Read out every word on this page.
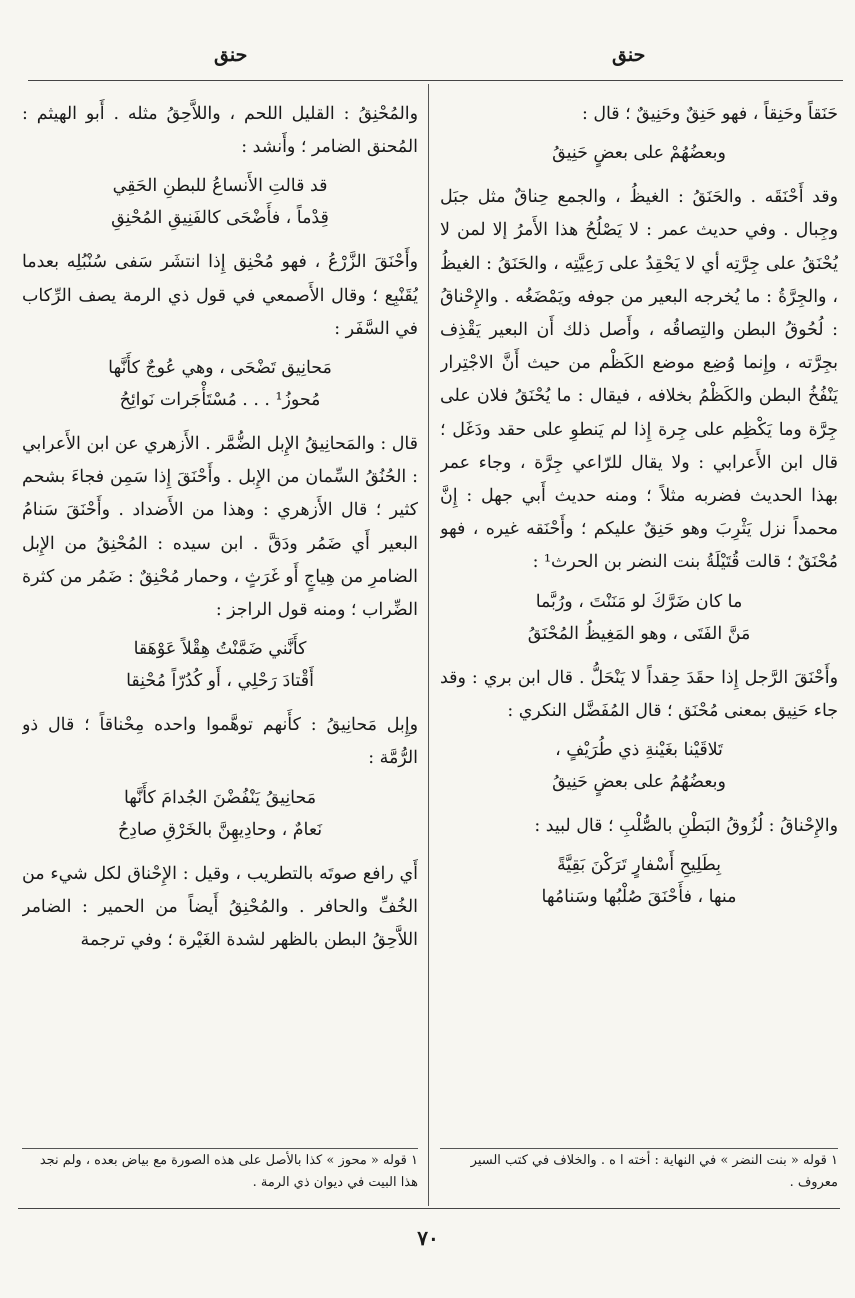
حنق
حنق

حَنَقاً وحَنِقاً ، فهو حَنِقٌ وحَنِيقٌ ؛ قال :

وبعضُهُمْ على بعضٍ حَنِيقُ

وقد أَحْنَقَه . والحَنَقُ : الغيظُ ، والجمع حِناقٌ مثل جبَل وجِبال . وفي حديث عمر : لا يَصْلُحُ هذا الأَمرُ إلا لمن لا يُحْنَقُ على جِرَّتِه أي لا يَحْقِدُ على رَعِيَّتِه ، والحَنَقُ : الغيظُ ، والجِرَّةُ : ما يُخرجه البعير من جوفه ويَمْضَغُه . والإِحْناقُ : لُحُوقُ البطن والتِصاقُه ، وأَصل ذلك أَن البعير يَقْذِف بجِرَّته ، وإِنما وُضِع موضع الكَظْم من حيث أَنَّ الاجْتِرار يَنْفُخُ البطن والكَظْمُ بخلافه ، فيقال : ما يُحْنَقُ فلان على جِرَّة وما يَكْظِم على جِرة إِذا لم يَنطوِ على حقد ودَغَل ؛ قال ابن الأَعرابي : ولا يقال للرّاعي جِرَّة ، وجاء عمر بهذا الحديث فضربه مثلاً ؛ ومنه حديث أَبي جهل : إِنَّ محمداً نزل يَثْرِبَ وهو حَنِقٌ عليكم ؛ وأَحْنَقه غيره ، فهو مُحْنَقٌ ؛ قالت قُتَيْلَةُ بنت النضر بن الحرث¹ :

ما كان ضَرَّكَ لو مَنَنْتَ ، ورُبَّما
مَنَّ الفَتَى ، وهو المَغِيظُ المُحْنَقُ

وأَحْنَقَ الرَّجل إِذا حقَدَ حِقداً لا يَنْحَلُّ . قال ابن بري : وقد جاء حَنِيق بمعنى مُحْنَق ؛ قال المُفَضَّل النكري :

تَلاقَيْنا بغَيْنةِ ذي طُرَيْفٍ ،
وبعضُهُمُ على بعضٍ حَنِيقُ

والإِحْناقُ : لُزُوقُ البَطْنِ بالصُّلْبِ ؛ قال لبيد :

بِطَلِيحِ أَسْفارٍ تَرَكْنَ بَقِيَّةً
منها ، فأَحْنَقَ صُلْبُها وسَنامُها

والمُحْنِقُ : القليل اللحم ، واللاَّحِقُ مثله . أَبو الهيثم : المُحنق الضامر ؛ وأَنشد :

قد قالتِ الأَنساعُ للبطنِ الحَقِي
قِدْماً ، فأَضْحَى كالفَنِيقِ المُحْنِقِ

وأَحْنَقَ الزَّرْعُ ، فهو مُحْنِق إِذا انتشَر سَفى سُنْبُلِه بعدما يُقَنْبِع ؛ وقال الأَصمعي في قول ذي الرمة يصف الرِّكاب في السَّفَر :

مَحانِيق تَضْحَى ، وهي عُوجٌ كأَنَّها
مُحوزُ¹ . . . مُسْتَأْجَرات نَوائِحُ

قال : والمَحانِيقُ الإِبل الضُّمَّر . الأَزهري عن ابن الأَعرابي : الحُنُقُ السِّمان من الإِبل . وأَحْنَقَ إِذا سَمِن فجاءَ بشحم كثير ؛ قال الأَزهري : وهذا من الأَضداد . وأَحْنَقَ سَنامُ البعير أَي ضَمُر ودَقَّ . ابن سيده : المُحْنِقُ من الإِبل الضامرِ من هِياجٍ أَو غَرَثٍ ، وحمار مُحْنِقٌ : ضَمُر من كثرة الضِّراب ؛ ومنه قول الراجز :

كأَنَّني ضَمَّنْتُ هِقْلاً عَوْهَقا
أَقْتادَ رَحْلِي ، أَو كُدُرّاً مُحْنِقا

وإِبل مَحانِيقُ : كأَنهم توهَّموا واحده مِحْناقاً ؛ قال ذو الرُّمَّة :

مَحانِيقُ يَنْفُضْنَ الجُدامَ كأَنَّها
نَعامٌ ، وحادِيهِنَّ بالخَرْقِ صادِحُ

أَي رافع صوتَه بالتطريب ، وقيل : الإِحْناق لكل شيء من الخُفِّ والحافر . والمُحْنِقُ أَيضاً من الحمير : الضامر اللاَّحِقُ البطن بالظهر لشدة الغَيْرة ؛ وفي ترجمة

١ قوله « بنت النضر » في النهاية : أخته ا ه . والخلاف في كتب السير معروف .
١ قوله « محوز » كذا بالأصل على هذه الصورة مع بياض بعده ، ولم نجد هذا البيت في ديوان ذي الرمة .
٧٠
